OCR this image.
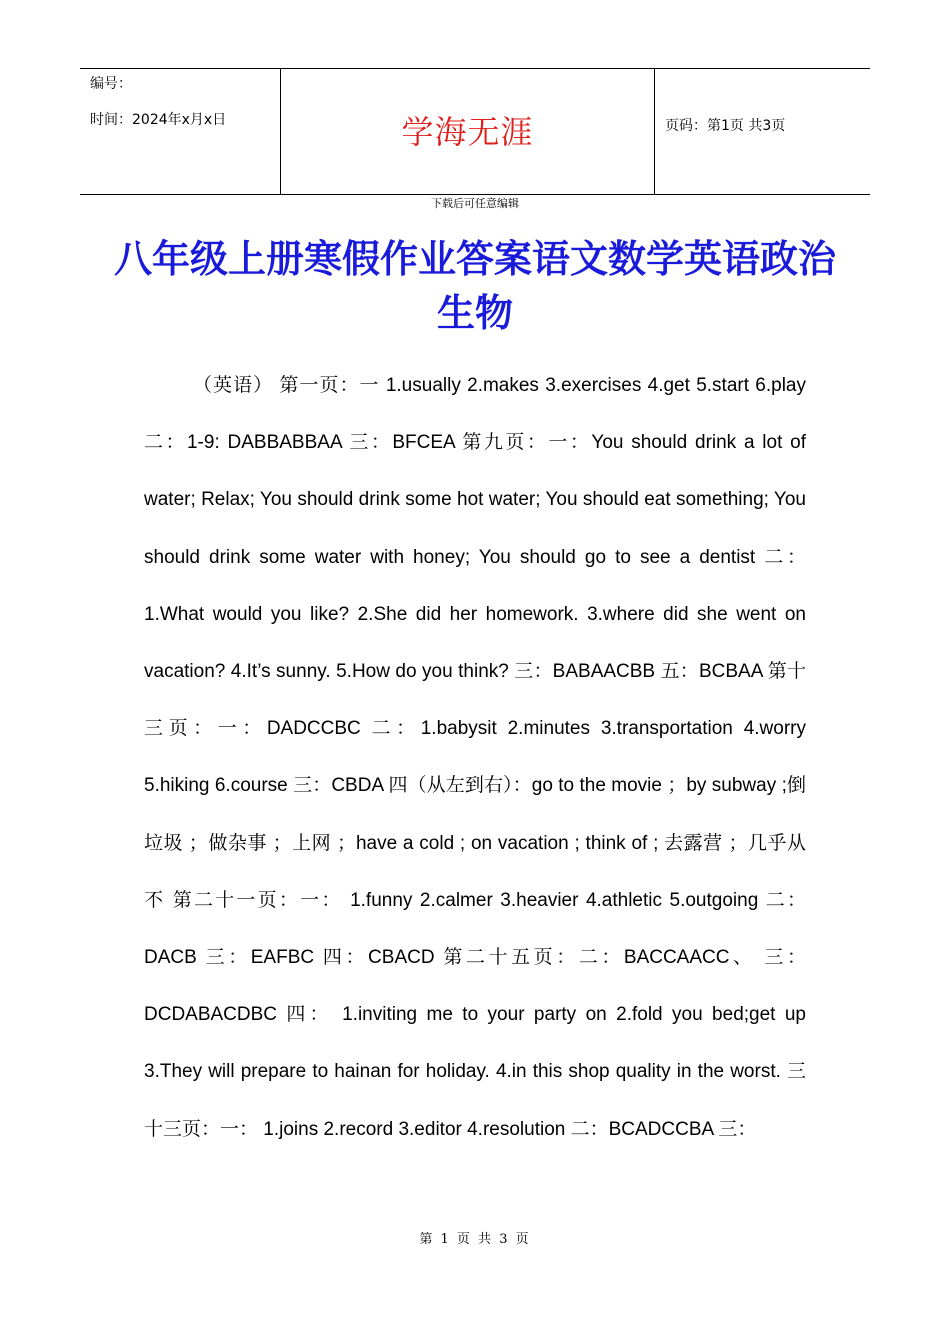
编号：
时间：2024年x月x日	学海无涯	页码：第1页 共3页
下载后可任意编辑
八年级上册寒假作业答案语文数学英语政治生物
（英语） 第一页：一 1.usually 2.makes 3.exercises 4.get 5.start 6.play 二：1-9: DABBABBAA 三：BFCEA 第九页：一：You should drink a lot of water; Relax; You should drink some hot water; You should eat something; You should drink some water with honey; You should go to see a dentist 二： 1.What would you like? 2.She did her homework. 3.where did she went on vacation? 4.It’s sunny. 5.How do you think? 三：BABAACBB 五：BCBAA 第十三页：一：DADCCBC 二：1.babysit 2.minutes 3.transportation 4.worry 5.hiking 6.course 三：CBDA 四（从左到右）：go to the movie ；by subway ;倒垃圾 ；做杂事 ；上网 ；have a cold ; on vacation ; think of ; 去露营 ；几乎从不 第二十一页：一： 1.funny 2.calmer 3.heavier 4.athletic 5.outgoing 二：DACB 三：EAFBC 四：CBACD 第二十五页：二：BACCAACC、 三：DCDABACDBC 四： 1.inviting me to your party on 2.fold you bed;get up 3.They will prepare to hainan for holiday. 4.in this shop quality in the worst. 三十三页：一： 1.joins 2.record 3.editor 4.resolution 二：BCADCCBA 三：
第 1 页 共 3 页
